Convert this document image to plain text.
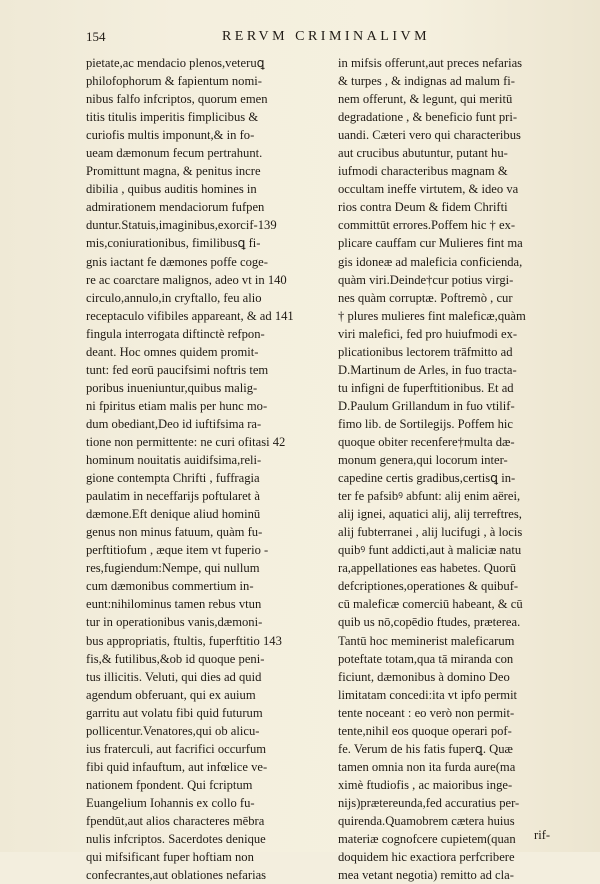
154	RERVM CRIMINALIVM
pietate,ac mendacio plenos,veteruꝗ
philofophorum & fapientum nomi-
nibus falfo infcriptos, quorum emen
titis titulis imperitis fimplicibus &
curiofis multis imponunt,& in fo-
ueam dæmonum fecum pertrahunt.
Promittunt magna, & penitus incre
dibilia , quibus auditis homines in
admirationem mendaciorum fufpen
duntur.Statuis,imaginibus,exorcif-139
mis,coniurationibus, fimilibusꝗ fi-
gnis iactant fe dæmones poffe coge-
re ac coarctare malignos, adeo vt in 140
circulo,annulo,in cryftallo, feu alio
receptaculo vifibiles appareant, & ad 141
fingula interrogata diftinctè refpon-
deant. Hoc omnes quidem promit-
tunt: fed eorū paucifsimi noftris tem
poribus inueniuntur,quibus malig-
ni fpiritus etiam malis per hunc mo-
dum obediant,Deo id iuftifsima ra-
tione non permittente: ne curi ofitasi 42
hominum nouitatis auidifsima,reli-
gione contempta Chrifti , fuffragia
paulatim in neceffarijs poftularet à
dæmone.Eft denique aliud hominū
genus non minus fatuum, quàm fu-
perftitiofum , æque item vt fuperio -
res,fugiendum:Nempe, qui nullum
cum dæmonibus commertium in-
eunt:nihilominus tamen rebus vtun
tur in operationibus vanis,dæmoni-
bus appropriatis, ftultis, fuperftitio 143
fis,& futilibus,&ob id quoque peni-
tus illicitis. Veluti, qui dies ad quid
agendum obferuant, qui ex auium
garritu aut volatu fibi quid futurum
pollicentur.Venatores,qui ob alicu-
ius fraterculi, aut facrifici occurfum
fibi quid infauftum, aut infœlice ve-
nationem fpondent. Qui fcriptum
Euangelium Iohannis ex collo fu-
fpendūt,aut alios characteres mēbra
nulis infcriptos. Sacerdotes denique
qui mifsificant fuper hoftiam non
confecrantes,aut oblationes nefarias
in mifsis offerunt,aut preces nefarias
& turpes , & indignas ad malum fi-
nem offerunt, & legunt, qui meritū
degradatione , & beneficio funt pri-
uandi. Cæteri vero qui characteribus
aut crucibus abutuntur, putant hu-
iufmodi characteribus magnam &
occultam ineffe virtutem, & ideo va
rios contra Deum & fidem Chrifti
committūt errores.Poffem hic † ex-
plicare cauffam cur Mulieres fint ma
gis idoneæ ad maleficia conficienda,
quàm viri.Deinde†cur potius virgi-
nes quàm corruptæ. Poftremò , cur
† plures mulieres fint maleficæ,quàm
viri malefici, fed pro huiufmodi ex-
plicationibus lectorem trāfmitto ad
D.Martinum de Arles, in fuo tracta-
tu infigni de fuperftitionibus. Et ad
D.Paulum Grillandum in fuo vtilif-
fimo lib. de Sortilegijs. Poffem hic
quoque obiter recenfere†multa dæ-
monum genera,qui locorum inter-
capedine certis gradibus,certisꝗ in-
ter fe pafsibꝰ abfunt: alij enim aërei,
alij ignei, aquatici alij, alij terreftres,
alij fubterranei , alij lucifugi , à locis
quibꝰ funt addicti,aut à maliciæ natu
ra,appellationes eas habetes. Quorū
defcriptiones,operationes & quibuf-
cū maleficæ comerciū habeant, & cū
quib us nō,copēdio ftudes, præterea.
Tantū hoc meminerist maleficarum
poteftate totam,qua tā miranda con
ficiunt, dæmonibus à domino Deo
limitatam concedi:ita vt ipfo permit
tente noceant : eo verò non permit-
tente,nihil eos quoque operari pof-
fe. Verum de his fatis fuperꝗ. Quæ
tamen omnia non ita furda aure(ma
ximè ftudiofis , ac maioribus inge-
nijs)prætereunda,fed accuratius per-
quirenda.Quamobrem cætera huius
materiæ cognofcere cupietem(quan
doquidem hic exactiora perfcribere
mea vetant negotia) remitto ad cla-
rif-
